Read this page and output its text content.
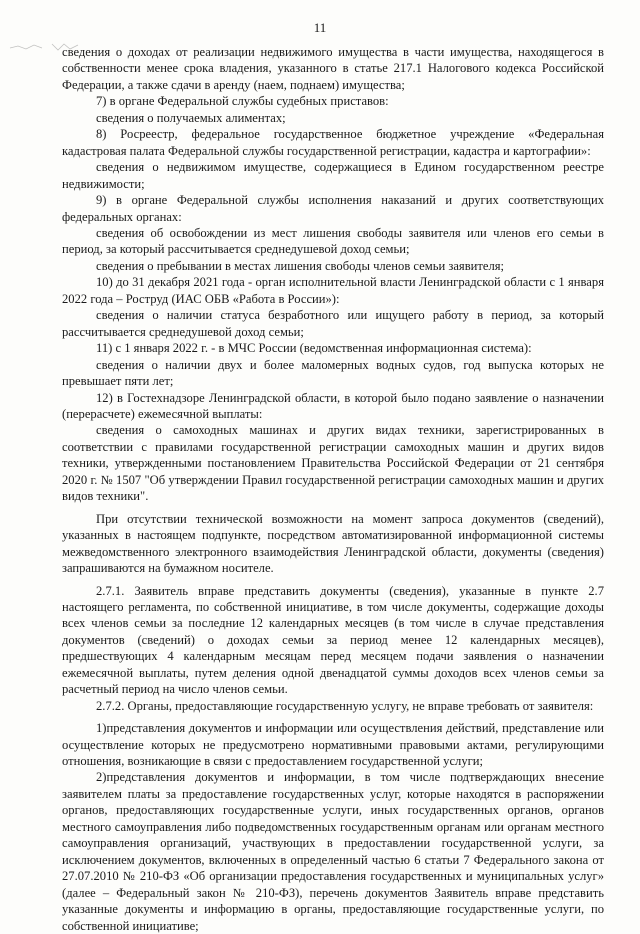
11

сведения о доходах от реализации недвижимого имущества в части имущества, находящегося в собственности менее срока владения, указанного в статье 217.1 Налогового кодекса Российской Федерации, а также сдачи в аренду (наем, поднаем) имущества;

7) в органе Федеральной службы судебных приставов:

сведения о получаемых алиментах;

8) Росреестр, федеральное государственное бюджетное учреждение «Федеральная кадастровая палата Федеральной службы государственной регистрации, кадастра и картографии»:

сведения о недвижимом имуществе, содержащиеся в Едином государственном реестре недвижимости;

9) в органе Федеральной службы исполнения наказаний и других соответствующих федеральных органах:

сведения об освобождении из мест лишения свободы заявителя или членов его семьи в период, за который рассчитывается среднедушевой доход семьи;

сведения о пребывании в местах лишения свободы членов семьи заявителя;

10) до 31 декабря 2021 года - орган исполнительной власти Ленинградской области с 1 января 2022 года – Роструд (ИАС ОБВ «Работа в России»):

сведения о наличии статуса безработного или ищущего работу в период, за который рассчитывается среднедушевой доход семьи;

11) с 1 января 2022 г. - в МЧС России (ведомственная информационная система):

сведения о наличии двух и более маломерных водных судов, год выпуска которых не превышает пяти лет;

12) в Гостехнадзоре Ленинградской области, в которой было подано заявление о назначении (перерасчете) ежемесячной выплаты:

сведения о самоходных машинах и других видах техники, зарегистрированных в соответствии с правилами государственной регистрации самоходных машин и других видов техники, утвержденными постановлением Правительства Российской Федерации от 21 сентября 2020 г. № 1507 "Об утверждении Правил государственной регистрации самоходных машин и других видов техники".

При отсутствии технической возможности на момент запроса документов (сведений), указанных в настоящем подпункте, посредством автоматизированной информационной системы межведомственного электронного взаимодействия Ленинградской области, документы (сведения) запрашиваются на бумажном носителе.

2.7.1. Заявитель вправе представить документы (сведения), указанные в пункте 2.7 настоящего регламента, по собственной инициативе, в том числе документы, содержащие доходы всех членов семьи за последние 12 календарных месяцев (в том числе в случае представления документов (сведений) о доходах семьи за период менее 12 календарных месяцев), предшествующих 4 календарным месяцам перед месяцем подачи заявления о назначении ежемесячной выплаты, путем деления одной двенадцатой суммы доходов всех членов семьи за расчетный период на число членов семьи.

2.7.2. Органы, предоставляющие государственную услугу, не вправе требовать от заявителя:

1)представления документов и информации или осуществления действий, представление или осуществление которых не предусмотрено нормативными правовыми актами, регулирующими отношения, возникающие в связи с предоставлением государственной услуги;

2)представления документов и информации, в том числе подтверждающих внесение заявителем платы за предоставление государственных услуг, которые находятся в распоряжении органов, предоставляющих государственные услуги, иных государственных органов, органов местного самоуправления либо подведомственных государственным органам или органам местного самоуправления организаций, участвующих в предоставлении государственной услуги, за исключением документов, включенных в определенный частью 6 статьи 7 Федерального закона от 27.07.2010 № 210-ФЗ «Об организации предоставления государственных и муниципальных услуг» (далее – Федеральный закон № 210-ФЗ), перечень документов Заявитель вправе представить указанные документы и информацию в органы, предоставляющие государственные услуги, по собственной инициативе;
